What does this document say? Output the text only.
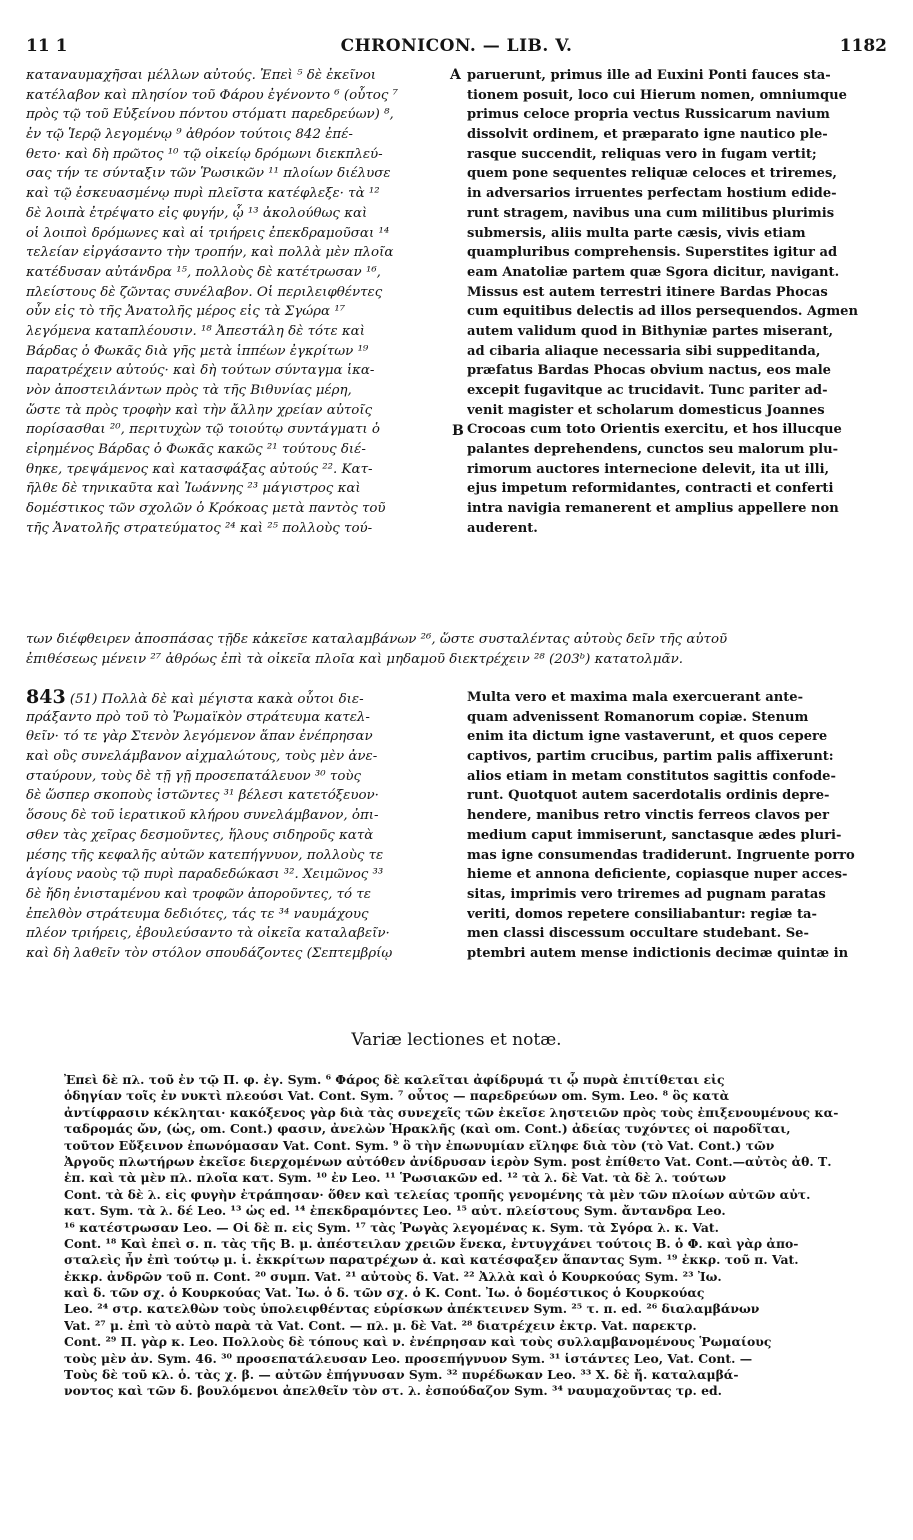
11 1	CHRONICON. — LIB. V.	1182
καταναυμαχῆσαι μέλλων αὐτούς. Ἐπεὶ ⁵ δὲ ἐκεῖνοι
κατέλαβον καὶ πλησίον τοῦ Φάρου ἐγένοντο ⁶ (οὗτος ⁷
πρὸς τῷ τοῦ Εὐξείνου πόντου στόματι παρεδρεύων) ⁸,
ἐν τῷ Ἱερῷ λεγομένῳ ⁹ ἀθρόον τούτοις 842 ἐπέ-
θετο· καὶ δὴ πρῶτος ¹⁰ τῷ οἰκείῳ δρόμωνι διεκπλεύ-
σας τήν τε σύνταξιν τῶν Ῥωσικῶν ¹¹ πλοίων διέλυσε
καὶ τῷ ἐσκευασμένῳ πυρὶ πλεῖστα κατέφλεξε· τὰ ¹²
δὲ λοιπὰ ἐτρέψατο εἰς φυγήν, ᾧ ¹³ ἀκολούθως καὶ
οἱ λοιποὶ δρόμωνες καὶ αἱ τριήρεις ἐπεκδραμοῦσαι ¹⁴
τελείαν εἰργάσαντο τὴν τροπήν, καὶ πολλὰ μὲν πλοῖα
κατέδυσαν αὐτάνδρα ¹⁵, πολλοὺς δὲ κατέτρωσαν ¹⁶,
πλείστους δὲ ζῶντας συνέλαβον. Οἱ περιλειφθέντες
οὖν εἰς τὸ τῆς Ἀνατολῆς μέρος εἰς τὰ Σγώρα ¹⁷
λεγόμενα καταπλέουσιν. ¹⁸ Ἀπεστάλη δὲ τότε καὶ
Βάρδας ὁ Φωκᾶς διὰ γῆς μετὰ ἱππέων ἐγκρίτων ¹⁹
παρατρέχειν αὐτούς· καὶ δὴ τούτων σύνταγμα ἱκα-
νὸν ἀποστειλάντων πρὸς τὰ τῆς Βιθυνίας μέρη,
ὥστε τὰ πρὸς τροφὴν καὶ τὴν ἄλλην χρείαν αὐτοῖς
πορίσασθαι ²⁰, περιτυχὼν τῷ τοιούτῳ συντάγματι ὁ
εἰρημένος Βάρδας ὁ Φωκᾶς κακῶς ²¹ τούτους διέ-
θηκε, τρεψάμενος καὶ κατασφάξας αὐτούς ²². Κατ-
ῆλθε δὲ τηνικαῦτα καὶ Ἰωάννης ²³ μάγιστρος καὶ
δομέστικος τῶν σχολῶν ὁ Κρόκοας μετὰ παντὸς τοῦ
τῆς Ἀνατολῆς στρατεύματος ²⁴ καὶ ²⁵ πολλοὺς τού-
paruerunt, primus ille ad Euxini Ponti fauces sta-
tionem posuit, loco cui Hierum nomen, omniumque
primus celoce propria vectus Russicarum navium
dissolvit ordinem, et præparato igne nautico ple-
rasque succendit, reliquas vero in fugam vertit;
quem pone sequentes reliquæ celoces et triremes,
in adversarios irruentes perfectam hostium edide-
runt stragem, navibus una cum militibus plurimis
submersis, aliis multa parte cæsis, vivis etiam
quampluribus comprehensis. Superstites igitur ad
eam Anatoliæ partem quæ Sgora dicitur, navigant.
Missus est autem terrestri itinere Bardas Phocas
cum equitibus delectis ad illos persequendos. Agmen
autem validum quod in Bithyniæ partes miserant,
ad cibaria aliaque necessaria sibi suppeditanda,
præfatus Bardas Phocas obvium nactus, eos male
excepit fugavitque ac trucidavit. Tunc pariter ad-
venit magister et scholarum domesticus Joannes
Crocoas cum toto Orientis exercitu, et hos illucque
palantes deprehendens, cunctos seu malorum plu-
rimorum auctores internecione delevit, ita ut illi,
ejus impetum reformidantes, contracti et conferti
intra navigia remanerent et amplius appellere non
auderent.
A
B
των διέφθειρεν ἀποσπάσας τῇδε κἀκεῖσε καταλαμβάνων ²⁶, ὥστε συσταλέντας αὐτοὺς δεῖν τῆς αὐτοῦ
ἐπιθέσεως μένειν ²⁷ ἀθρόως ἐπὶ τὰ οἰκεῖα πλοῖα καὶ μηδαμοῦ διεκτρέχειν ²⁸ (203ᵇ) κατατολμᾶν.
843 (51) Πολλὰ δὲ καὶ μέγιστα κακὰ οὗτοι διε-
πράξαντο πρὸ τοῦ τὸ Ῥωμαϊκὸν στράτευμα κατελ-
θεῖν· τό τε γὰρ Στενὸν λεγόμενον ἅπαν ἐνέπρησαν
καὶ οὓς συνελάμβανον αἰχμαλώτους, τοὺς μὲν ἀνε-
σταύρουν, τοὺς δὲ τῇ γῇ προσεπατάλευον ³⁰ τοὺς
δὲ ὥσπερ σκοποὺς ἱστῶντες ³¹ βέλεσι κατετόξευον·
ὅσους δὲ τοῦ ἱερατικοῦ κλήρου συνελάμβανον, ὀπι-
σθεν τὰς χεῖρας δεσμοῦντες, ἥλους σιδηροῦς κατὰ
μέσης τῆς κεφαλῆς αὐτῶν κατεπήγνυον, πολλοὺς τε
ἁγίους ναοὺς τῷ πυρὶ παραδεδώκασι ³². Χειμῶνος ³³
δὲ ἤδη ἐνισταμένου καὶ τροφῶν ἀποροῦντες, τό τε
ἐπελθὸν στράτευμα δεδιότες, τάς τε ³⁴ ναυμάχους
πλέον τριήρεις, ἐβουλεύσαντο τὰ οἰκεῖα καταλαβεῖν·
καὶ δὴ λαθεῖν τὸν στόλον σπουδάζοντες (Σεπτεμβρίῳ
Multa vero et maxima mala exercuerant ante-
quam advenissent Romanorum copiæ. Stenum
enim ita dictum igne vastaverunt, et quos cepere
captivos, partim crucibus, partim palis affixerunt:
alios etiam in metam constitutos sagittis confode-
runt. Quotquot autem sacerdotalis ordinis depre-
hendere, manibus retro vinctis ferreos clavos per
medium caput immiserunt, sanctasque ædes pluri-
mas igne consumendas tradiderunt. Ingruente porro
hieme et annona deficiente, copiasque nuper acces-
sitas, imprimis vero triremes ad pugnam paratas
veriti, domos repetere consiliabantur: regiæ ta-
men classi discessum occultare studebant. Se-
ptembri autem mense indictionis decimæ quintæ in
Variæ lectiones et notæ.
Ἐπεὶ δὲ πλ. τοῦ ἐν τῷ Π. φ. ἐγ. Sym. ⁶ Φάρος δὲ καλεῖται ἀφίδρυμά τι ᾧ πυρὰ ἐπιτίθεται εἰς
ὁδηγίαν τοῖς ἐν νυκτὶ πλεούσι Vat. Cont. Sym. ⁷ οὗτος — παρεδρεύων om. Sym. Leo. ⁸ ὃς κατὰ
ἀντίφρασιν κέκληται· κακόξενος γὰρ διὰ τὰς συνεχεῖς τῶν ἐκεῖσε ληστειῶν πρὸς τοὺς ἐπιξενουμένους κα-
ταδρομάς ὤν, (ὡς, om. Cont.) φασιν, ἀνελὼν Ἡρακλῆς (καὶ om. Cont.) ἀδείας τυχόντες οἱ παροδῖται,
τοῦτον Εὔξεινον ἐπωνόμασαν Vat. Cont. Sym. ⁹ ὃ τὴν ἐπωνυμίαν εἴληφε διὰ τὸν (τὸ Vat. Cont.) τῶν
Ἀργοῦς πλωτήρων ἐκεῖσε διερχομένων αὐτόθεν ἀνίδρυσαν ἱερὸν Sym. post ἐπίθετο Vat. Cont.—αὐτὸς ἀθ. Τ.
ἐπ. καὶ τὰ μὲν πλ. πλοῖα κατ. Sym. ¹⁰ ἐν Leo. ¹¹ Ῥωσιακῶν ed. ¹² τὰ λ. δὲ Vat. τὰ δὲ λ. τούτων
Cont. τὰ δὲ λ. εἰς φυγὴν ἐτράπησαν· ὅθεν καὶ τελείας τροπῆς γενομένης τὰ μὲν τῶν πλοίων αὐτῶν αὐτ.
κατ. Sym. τὰ λ. δέ Leo. ¹³ ὡς ed. ¹⁴ ἐπεκδραμόντες Leo. ¹⁵ αὐτ. πλείστους Sym. ἄντανδρα Leo.
¹⁶ κατέστρωσαν Leo. — Οἱ δὲ π. εἰς Sym. ¹⁷ τὰς Ῥωγὰς λεγομένας κ. Sym. τὰ Σγόρα λ. κ. Vat.
Cont. ¹⁸ Καὶ ἐπεὶ σ. π. τὰς τῆς Β. μ. ἀπέστειλαν χρειῶν ἕνεκα, ἐντυγχάνει τούτοις Β. ὁ Φ. καὶ γὰρ ἀπο-
σταλεὶς ἦν ἐπὶ τούτῳ μ. ἱ. ἐκκρίτων παρατρέχων ἀ. καὶ κατέσφαξεν ἅπαντας Sym. ¹⁹ ἐκκρ. τοῦ π. Vat.
ἐκκρ. ἀνδρῶν τοῦ π. Cont. ²⁰ συμπ. Vat. ²¹ αὐτοὺς δ. Vat. ²² Ἀλλὰ καὶ ὁ Κουρκούας Sym. ²³ Ἰω.
καὶ δ. τῶν σχ. ὁ Κουρκούας Vat. Ἰω. ὁ δ. τῶν σχ. ὁ Κ. Cont. Ἰω. ὁ δομέστικος ὁ Κουρκούας
Leo. ²⁴ στρ. κατελθὼν τοὺς ὑπολειφθέντας εὑρίσκων ἀπέκτεινεν Sym. ²⁵ τ. π. ed. ²⁶ διαλαμβάνων
Vat. ²⁷ μ. ἐπὶ τὸ αὐτὸ παρὰ τὰ Vat. Cont. — πλ. μ. δὲ Vat. ²⁸ διατρέχειν ἐκτρ. Vat. παρεκτρ.
Cont. ²⁹ Π. γὰρ κ. Leo. Πολλοὺς δὲ τόπους καὶ ν. ἐνέπρησαν καὶ τοὺς συλλαμβανομένους Ῥωμαίους
τοὺς μὲν ἀν. Sym. 46. ³⁰ προσεπατάλευσαν Leo. προσεπήγνυον Sym. ³¹ ἱστάντες Leo, Vat. Cont. —
Τοὺς δὲ τοῦ κλ. ὁ. τὰς χ. β. — αὐτῶν ἐπήγνυσαν Sym. ³² πυρέδωκαν Leo. ³³ Χ. δὲ ἤ. καταλαμβά-
νοντος καὶ τῶν δ. βουλόμενοι ἀπελθεῖν τὸν στ. λ. ἐσπούδαζον Sym. ³⁴ ναυμαχοῦντας τρ. ed.
